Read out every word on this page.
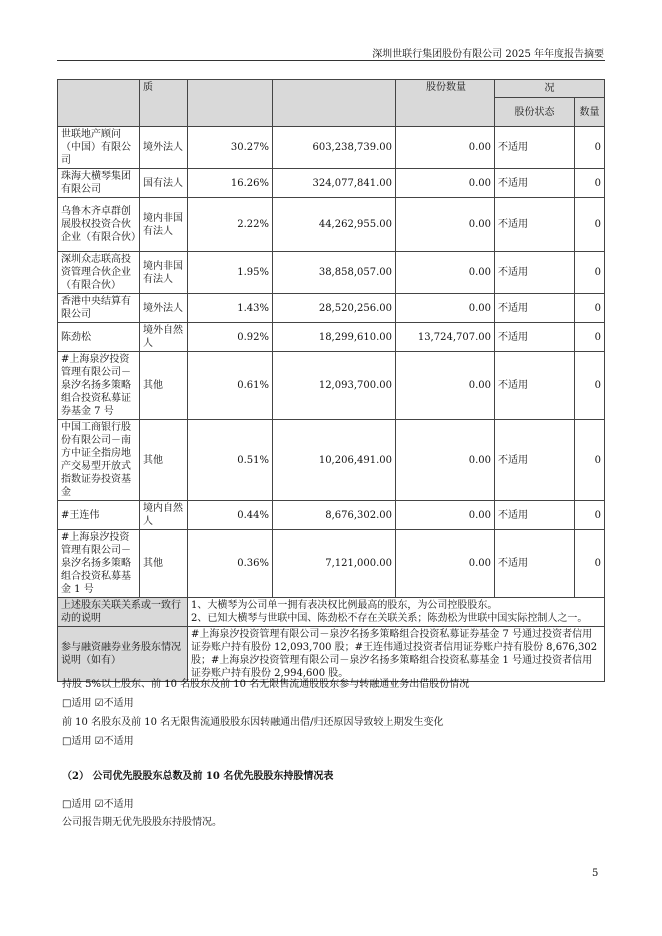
深圳世联行集团股份有限公司 2025 年年度报告摘要
	质			股份数量	况	
					股份状态	数量
世联地产顾问（中国）有限公司	境外法人	30.27%	603,238,739.00	0.00	不适用	0
珠海大横琴集团有限公司	国有法人	16.26%	324,077,841.00	0.00	不适用	0
乌鲁木齐卓群创展股权投资合伙企业（有限合伙）	境内非国有法人	2.22%	44,262,955.00	0.00	不适用	0
深圳众志联高投资管理合伙企业（有限合伙）	境内非国有法人	1.95%	38,858,057.00	0.00	不适用	0
香港中央结算有限公司	境外法人	1.43%	28,520,256.00	0.00	不适用	0
陈劲松	境外自然人	0.92%	18,299,610.00	13,724,707.00	不适用	0
#上海泉汐投资管理有限公司－泉汐名扬多策略组合投资私募证券基金 7 号	其他	0.61%	12,093,700.00	0.00	不适用	0
中国工商银行股份有限公司－南方中证全指房地产交易型开放式指数证券投资基金	其他	0.51%	10,206,491.00	0.00	不适用	0
#王连伟	境内自然人	0.44%	8,676,302.00	0.00	不适用	0
#上海泉汐投资管理有限公司－泉汐名扬多策略组合投资私募基金 1 号	其他	0.36%	7,121,000.00	0.00	不适用	0
上述股东关联关系或一致行动的说明		1、大横琴为公司单一拥有表决权比例最高的股东，为公司控股股东。
2、已知大横琴与世联中国、陈劲松不存在关联关系；陈劲松为世联中国实际控制人之一。				

参与融资融券业务股东情况说明（如有）		#上海泉汐投资管理有限公司－泉汐名扬多策略组合投资私募证券基金 7 号通过投资者信用证券账户持有股份 12,093,700 股；#王连伟通过投资者信用证券账户持有股份 8,676,302 股；#上海泉汐投资管理有限公司－泉汐名扬多策略组合投资私募基金 1 号通过投资者信用证券账户持有股份 2,994,600 股。				
持股 5%以上股东、前 10 名股东及前 10 名无限售流通股股东参与转融通业务出借股份情况
□适用 ☑不适用
前 10 名股东及前 10 名无限售流通股股东因转融通出借/归还原因导致较上期发生变化
□适用 ☑不适用
（2） 公司优先股股东总数及前 10 名优先股股东持股情况表
□适用 ☑不适用
公司报告期无优先股股东持股情况。
5
